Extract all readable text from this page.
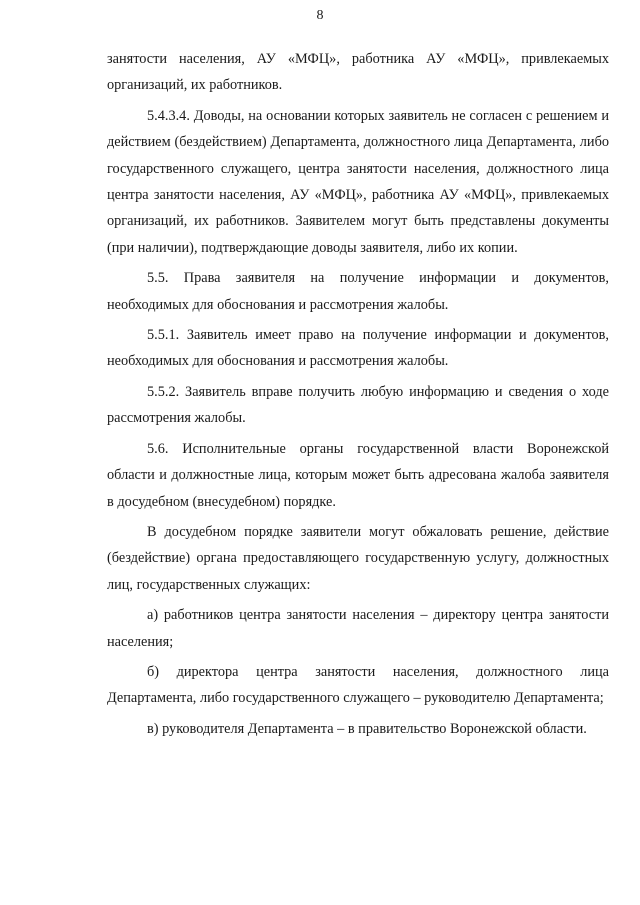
8

занятости населения, АУ «МФЦ», работника АУ «МФЦ», привлекаемых организаций, их работников.

5.4.3.4. Доводы, на основании которых заявитель не согласен с решением и действием (бездействием) Департамента, должностного лица Департамента, либо государственного служащего, центра занятости населения, должностного лица центра занятости населения, АУ «МФЦ», работника АУ «МФЦ», привлекаемых организаций, их работников. Заявителем могут быть представлены документы (при наличии), подтверждающие доводы заявителя, либо их копии.

5.5. Права заявителя на получение информации и документов, необходимых для обоснования и рассмотрения жалобы.

5.5.1. Заявитель имеет право на получение информации и документов, необходимых для обоснования и рассмотрения жалобы.

5.5.2. Заявитель вправе получить любую информацию и сведения о ходе рассмотрения жалобы.

5.6. Исполнительные органы государственной власти Воронежской области и должностные лица, которым может быть адресована жалоба заявителя в досудебном (внесудебном) порядке.

В досудебном порядке заявители могут обжаловать решение, действие (бездействие) органа предоставляющего государственную услугу, должностных лиц, государственных служащих:

а) работников центра занятости населения – директору центра занятости населения;

б) директора центра занятости населения, должностного лица Департамента, либо государственного служащего – руководителю Департамента;

в) руководителя Департамента – в правительство Воронежской области.
